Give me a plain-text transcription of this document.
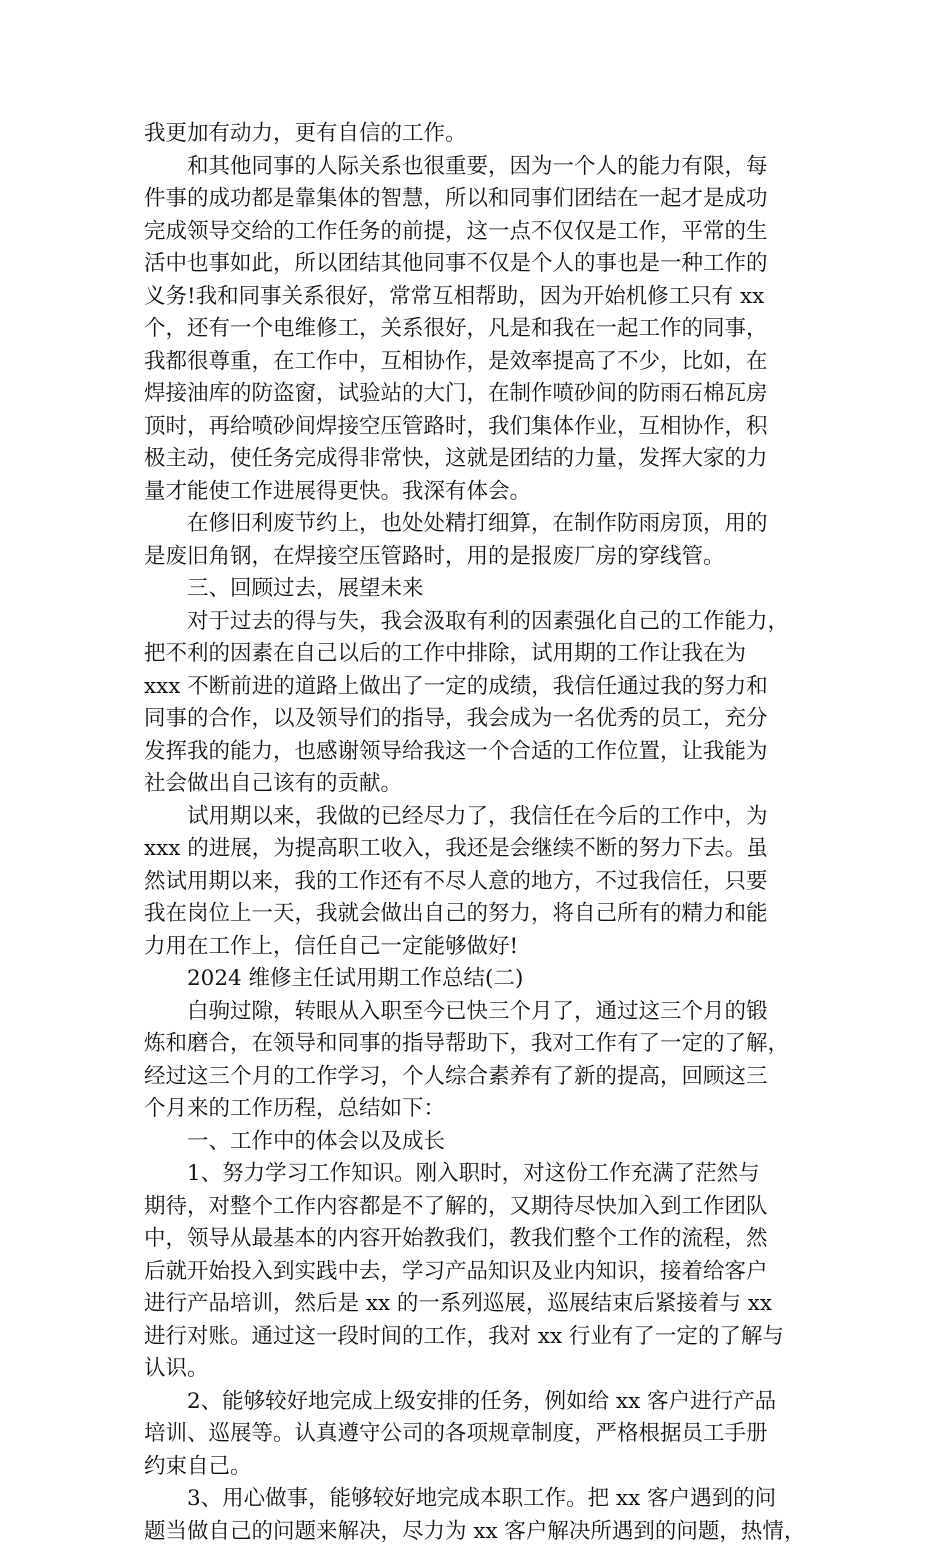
我更加有动力，更有自信的工作。

和其他同事的人际关系也很重要，因为一个人的能力有限，每
件事的成功都是靠集体的智慧，所以和同事们团结在一起才是成功
完成领导交给的工作任务的前提，这一点不仅仅是工作，平常的生
活中也事如此，所以团结其他同事不仅是个人的事也是一种工作的
义务!我和同事关系很好，常常互相帮助，因为开始机修工只有 xx
个，还有一个电维修工，关系很好，凡是和我在一起工作的同事，
我都很尊重，在工作中，互相协作，是效率提高了不少，比如，在
焊接油库的防盗窗，试验站的大门，在制作喷砂间的防雨石棉瓦房
顶时，再给喷砂间焊接空压管路时，我们集体作业，互相协作，积
极主动，使任务完成得非常快，这就是团结的力量，发挥大家的力
量才能使工作进展得更快。我深有体会。

在修旧利废节约上，也处处精打细算，在制作防雨房顶，用的
是废旧角钢，在焊接空压管路时，用的是报废厂房的穿线管。

三、回顾过去，展望未来

对于过去的得与失，我会汲取有利的因素强化自己的工作能力，
把不利的因素在自己以后的工作中排除，试用期的工作让我在为
xxx 不断前进的道路上做出了一定的成绩，我信任通过我的努力和
同事的合作，以及领导们的指导，我会成为一名优秀的员工，充分
发挥我的能力，也感谢领导给我这一个合适的工作位置，让我能为
社会做出自己该有的贡献。

试用期以来，我做的已经尽力了，我信任在今后的工作中，为
xxx 的进展，为提高职工收入，我还是会继续不断的努力下去。虽
然试用期以来，我的工作还有不尽人意的地方，不过我信任，只要
我在岗位上一天，我就会做出自己的努力，将自己所有的精力和能
力用在工作上，信任自己一定能够做好!

2024 维修主任试用期工作总结(二)

白驹过隙，转眼从入职至今已快三个月了，通过这三个月的锻
炼和磨合，在领导和同事的指导帮助下，我对工作有了一定的了解，
经过这三个月的工作学习，个人综合素养有了新的提高，回顾这三
个月来的工作历程，总结如下：

一、工作中的体会以及成长

1、努力学习工作知识。刚入职时，对这份工作充满了茫然与
期待，对整个工作内容都是不了解的，又期待尽快加入到工作团队
中，领导从最基本的内容开始教我们，教我们整个工作的流程，然
后就开始投入到实践中去，学习产品知识及业内知识，接着给客户
进行产品培训，然后是 xx 的一系列巡展，巡展结束后紧接着与 xx
进行对账。通过这一段时间的工作，我对 xx 行业有了一定的了解与
认识。

2、能够较好地完成上级安排的任务，例如给 xx 客户进行产品
培训、巡展等。认真遵守公司的各项规章制度，严格根据员工手册
约束自己。

3、用心做事，能够较好地完成本职工作。把 xx 客户遇到的问
题当做自己的问题来解决，尽力为 xx 客户解决所遇到的问题，热情，
